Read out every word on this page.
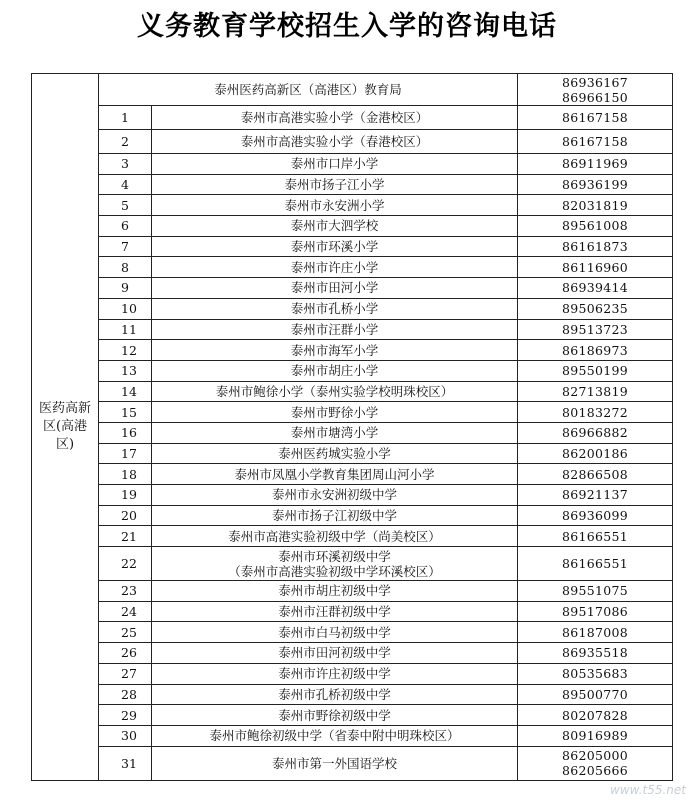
义务教育学校招生入学的咨询电话
医药高新区(高港区)	泰州医药高新区（高港区）教育局		86936167
86966150

	1	泰州市高港实验小学（金港校区）	86167158

	2	泰州市高港实验小学（春港校区）	86167158

	3	泰州市口岸小学	86911969

	4	泰州市扬子江小学	86936199

	5	泰州市永安洲小学	82031819

	6	泰州市大泗学校	89561008

	7	泰州市环溪小学	86161873

	8	泰州市许庄小学	86116960

	9	泰州市田河小学	86939414

	10	泰州市孔桥小学	89506235

	11	泰州市汪群小学	89513723

	12	泰州市海军小学	86186973

	13	泰州市胡庄小学	89550199

	14	泰州市鲍徐小学（泰州实验学校明珠校区）	82713819

	15	泰州市野徐小学	80183272

	16	泰州市塘湾小学	86966882

	17	泰州医药城实验小学	86200186

	18	泰州市凤凰小学教育集团周山河小学	82866508

	19	泰州市永安洲初级中学	86921137

	20	泰州市扬子江初级中学	86936099

	21	泰州市高港实验初级中学（尚美校区）	86166551

	22	泰州市环溪初级中学
（泰州市高港实验初级中学环溪校区）	86166551

	23	泰州市胡庄初级中学	89551075

	24	泰州市汪群初级中学	89517086

	25	泰州市白马初级中学	86187008

	26	泰州市田河初级中学	86935518

	27	泰州市许庄初级中学	80535683

	28	泰州市孔桥初级中学	89500770

	29	泰州市野徐初级中学	80207828

	30	泰州市鲍徐初级中学（省泰中附中明珠校区）	80916989

	31	泰州市第一外国语学校	86205000
86205666
www.t55.net
